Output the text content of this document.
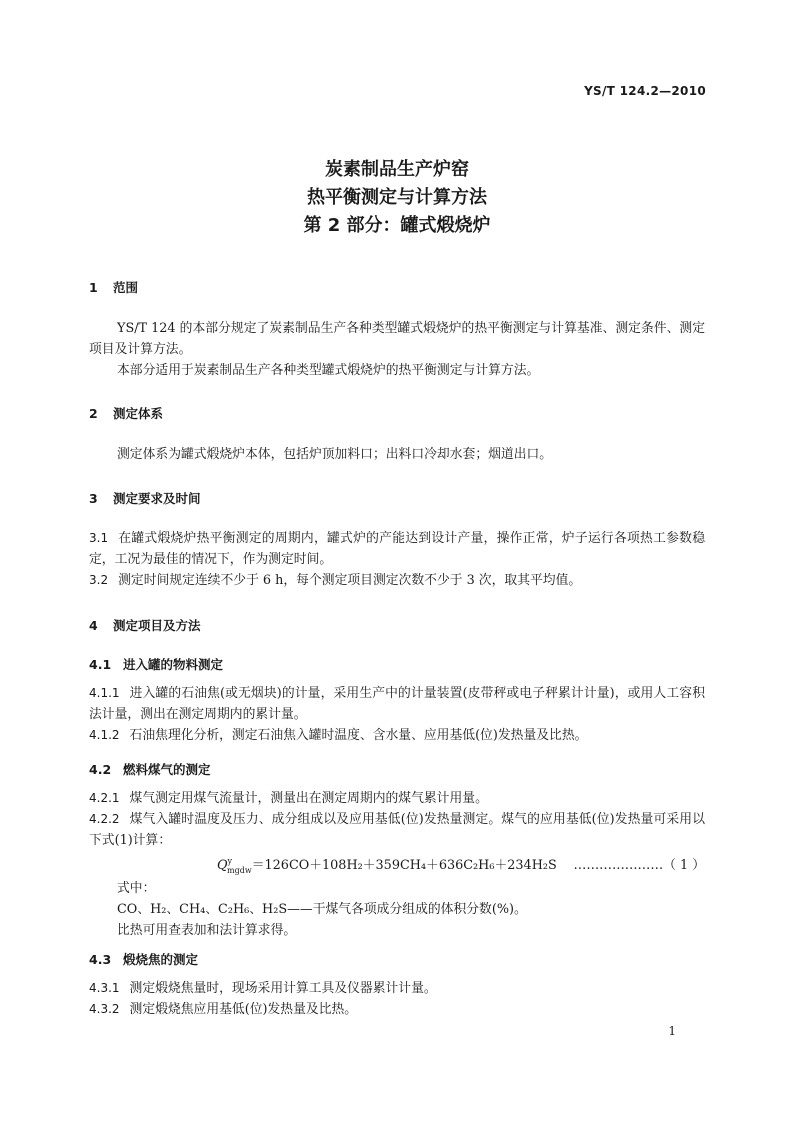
YS/T 124.2—2010
炭素制品生产炉窑
热平衡测定与计算方法
第 2 部分：罐式煅烧炉
1 范围
YS/T 124 的本部分规定了炭素制品生产各种类型罐式煅烧炉的热平衡测定与计算基准、测定条件、测定项目及计算方法。
本部分适用于炭素制品生产各种类型罐式煅烧炉的热平衡测定与计算方法。
2 测定体系
测定体系为罐式煅烧炉本体，包括炉顶加料口；出料口冷却水套；烟道出口。
3 测定要求及时间
3.1 在罐式煅烧炉热平衡测定的周期内，罐式炉的产能达到设计产量，操作正常，炉子运行各项热工参数稳定，工况为最佳的情况下，作为测定时间。
3.2 测定时间规定连续不少于 6 h，每个测定项目测定次数不少于 3 次，取其平均值。
4 测定项目及方法
4.1 进入罐的物料测定
4.1.1 进入罐的石油焦(或无烟块)的计量，采用生产中的计量装置(皮带秤或电子秤累计计量)，或用人工容积法计量，测出在测定周期内的累计量。
4.1.2 石油焦理化分析，测定石油焦入罐时温度、含水量、应用基低(位)发热量及比热。
4.2 燃料煤气的测定
4.2.1 煤气测定用煤气流量计，测量出在测定周期内的煤气累计用量。
4.2.2 煤气入罐时温度及压力、成分组成以及应用基低(位)发热量测定。煤气的应用基低(位)发热量可采用以下式(1)计算：
$Q^y_{mgdw}=126CO+108H_2+359CH_4+636C_2H_6+234H_2S$ …………………（ 1 ）
式中：
CO、H₂、CH₄、C₂H₆、H₂S——干煤气各项成分组成的体积分数(%)。
比热可用查表加和法计算求得。
4.3 煅烧焦的测定
4.3.1 测定煅烧焦量时，现场采用计算工具及仪器累计计量。
4.3.2 测定煅烧焦应用基低(位)发热量及比热。
1
